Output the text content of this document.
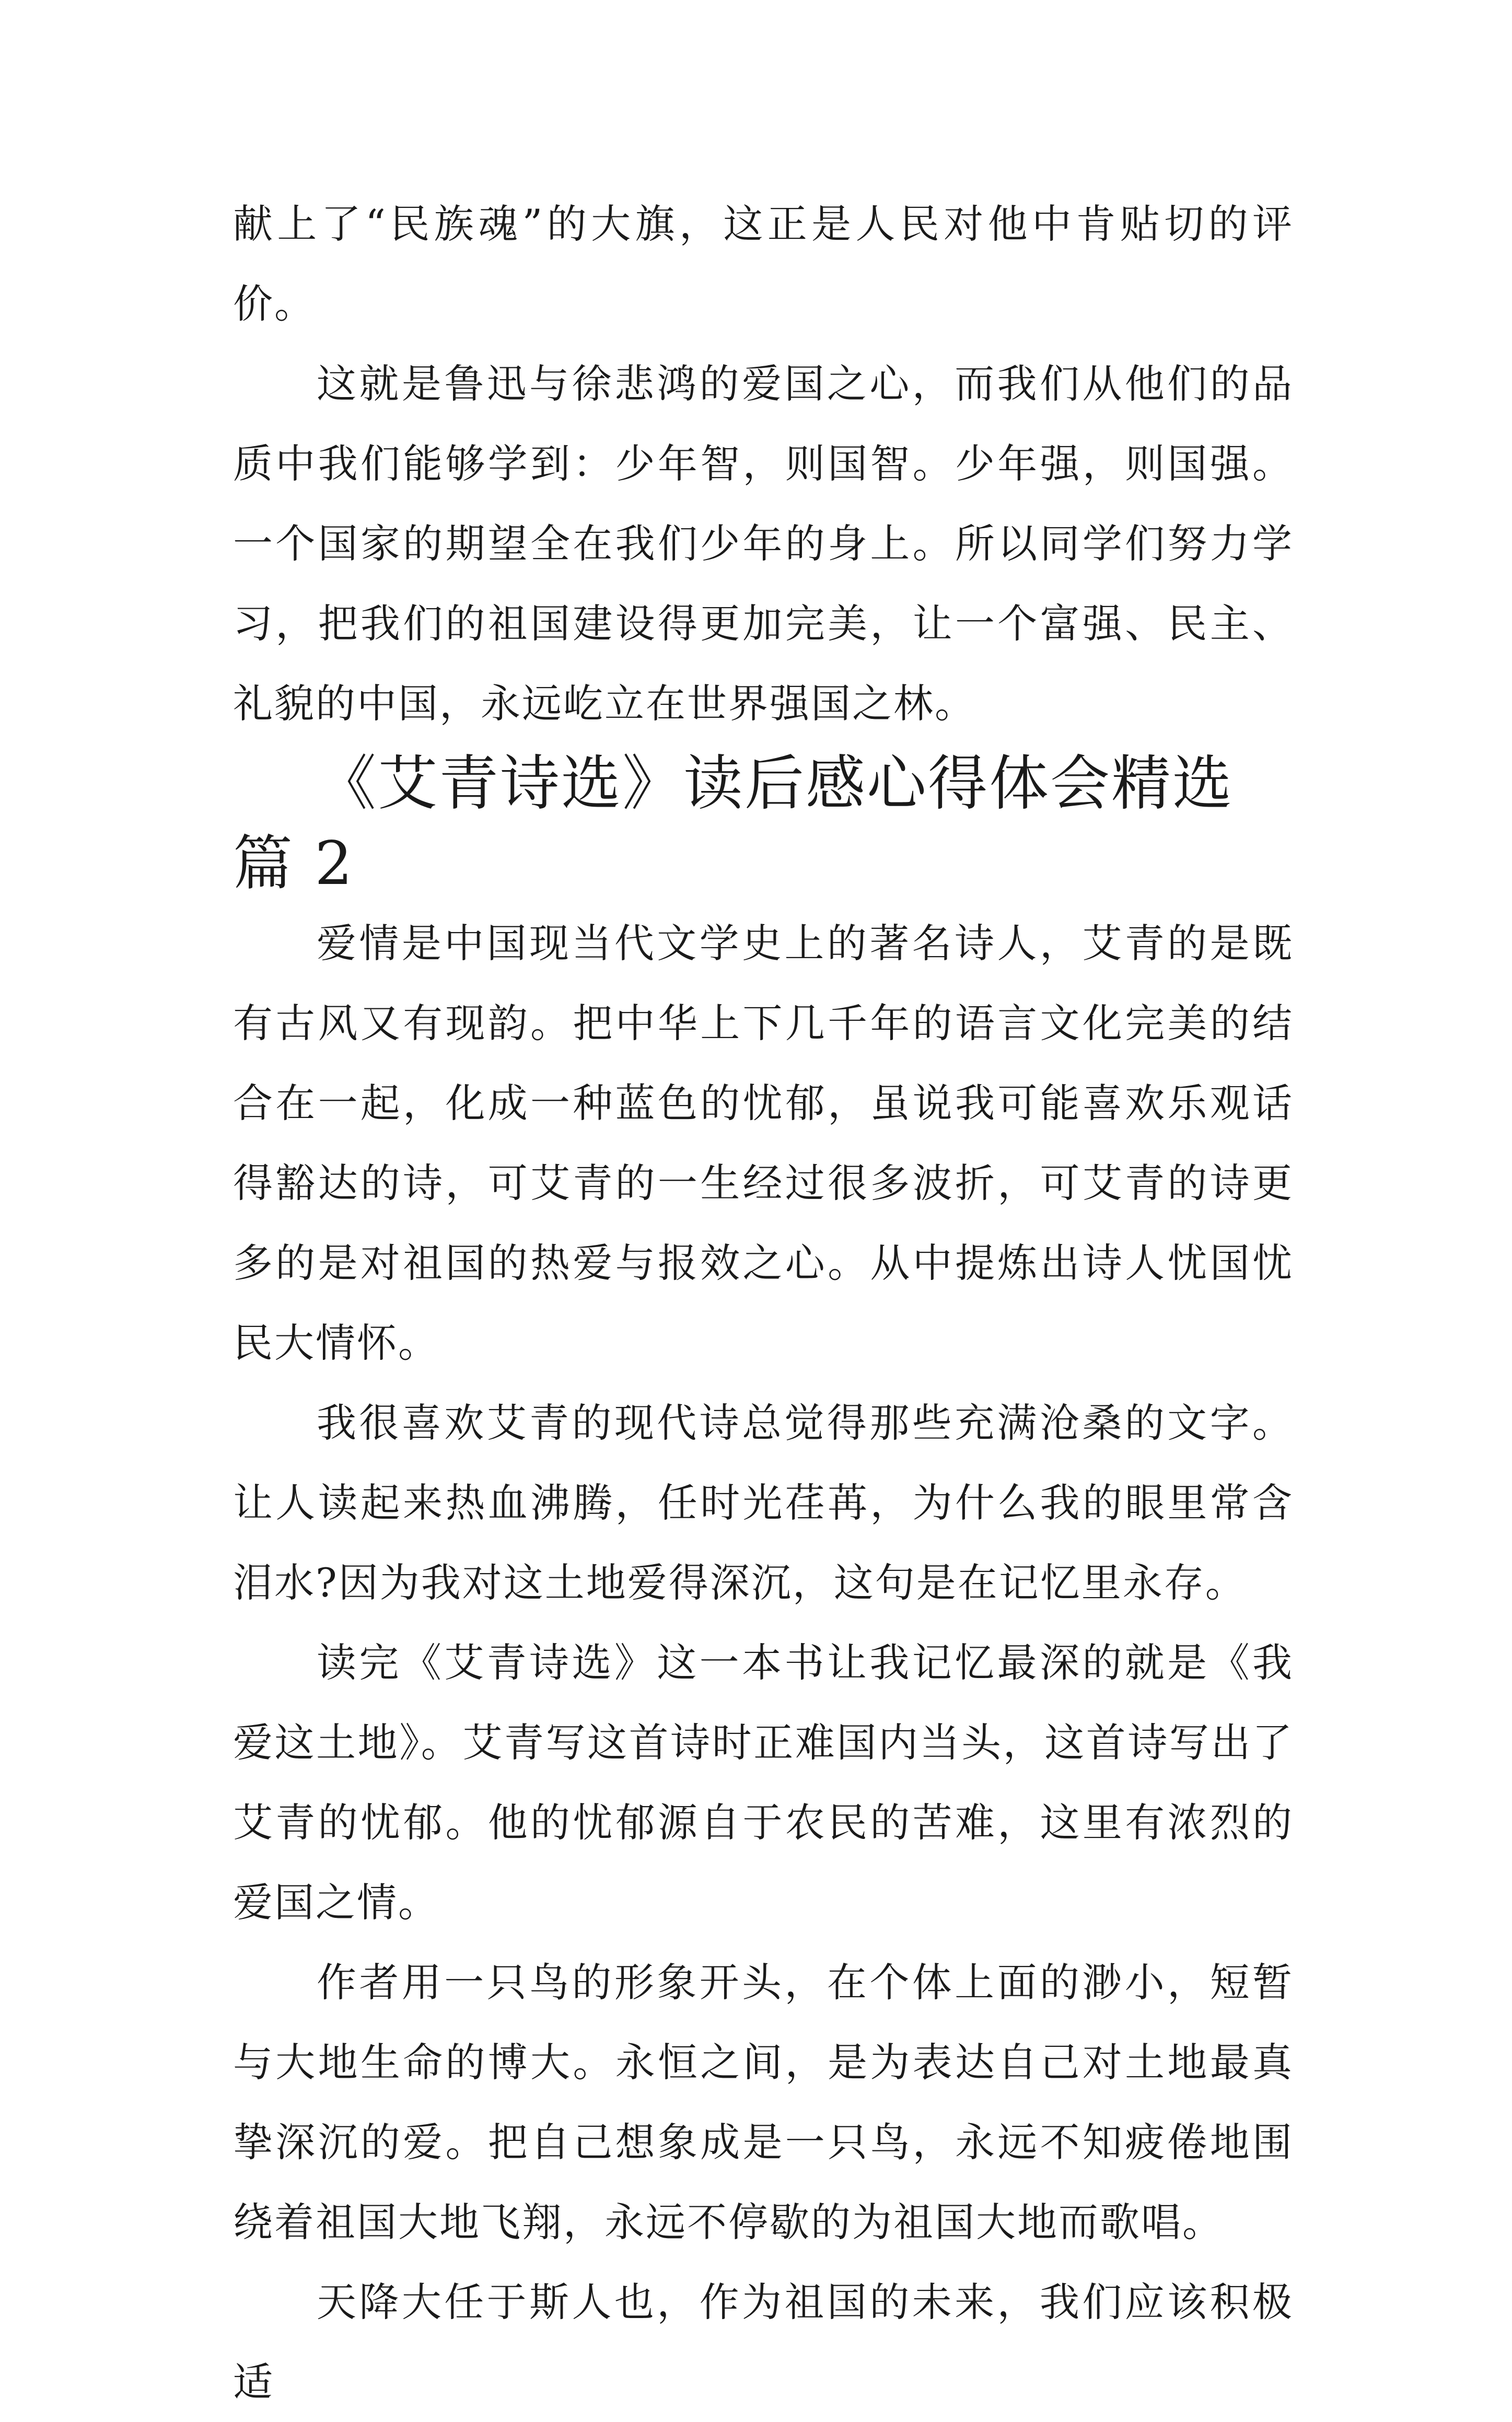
献上了“民族魂”的大旗，这正是人民对他中肯贴切的评价。

这就是鲁迅与徐悲鸿的爱国之心，而我们从他们的品质中我们能够学到：少年智，则国智。少年强，则国强。一个国家的期望全在我们少年的身上。所以同学们努力学习，把我们的祖国建设得更加完美，让一个富强、民主、礼貌的中国，永远屹立在世界强国之林。

《艾青诗选》读后感心得体会精选篇 2

爱情是中国现当代文学史上的著名诗人，艾青的是既有古风又有现韵。把中华上下几千年的语言文化完美的结合在一起，化成一种蓝色的忧郁，虽说我可能喜欢乐观话得豁达的诗，可艾青的一生经过很多波折，可艾青的诗更多的是对祖国的热爱与报效之心。从中提炼出诗人忧国忧民大情怀。

我很喜欢艾青的现代诗总觉得那些充满沧桑的文字。让人读起来热血沸腾，任时光荏苒，为什么我的眼里常含泪水?因为我对这土地爱得深沉，这句是在记忆里永存。

读完《艾青诗选》这一本书让我记忆最深的就是《我爱这土地》。艾青写这首诗时正难国内当头，这首诗写出了艾青的忧郁。他的忧郁源自于农民的苦难，这里有浓烈的爱国之情。

作者用一只鸟的形象开头，在个体上面的渺小，短暂与大地生命的博大。永恒之间，是为表达自己对土地最真挚深沉的爱。把自己想象成是一只鸟，永远不知疲倦地围绕着祖国大地飞翔，永远不停歇的为祖国大地而歌唱。

天降大任于斯人也，作为祖国的未来，我们应该积极适
